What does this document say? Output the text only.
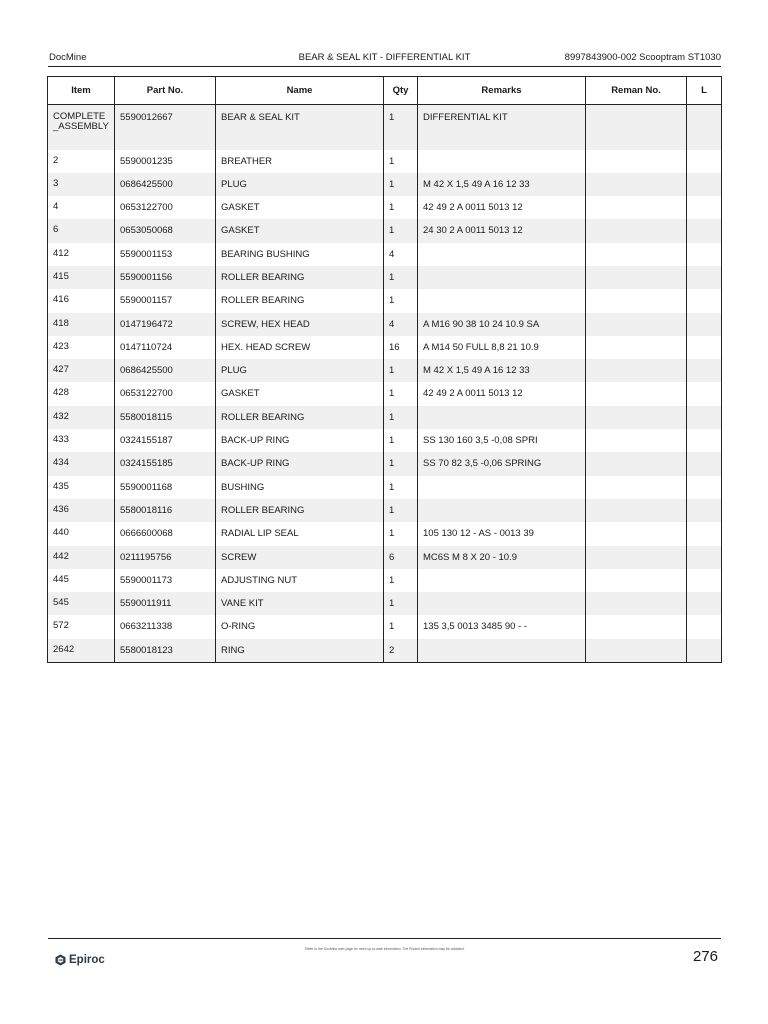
DocMine	BEAR & SEAL KIT - DIFFERENTIAL KIT	8997843900-002 Scooptram ST1030
Item	Part No.	Name	Qty	Remarks	Reman No.	L
COMPLETE_ASSEMBLY	5590012667	BEAR & SEAL KIT	1	DIFFERENTIAL KIT		
2	5590001235	BREATHER	1			
3	0686425500	PLUG	1	M 42 X 1,5 49 A 16 12 33		
4	0653122700	GASKET	1	42 49 2 A 0011 5013 12		
6	0653050068	GASKET	1	24 30 2 A 0011 5013 12		
412	5590001153	BEARING BUSHING	4			
415	5590001156	ROLLER BEARING	1			
416	5590001157	ROLLER BEARING	1			
418	0147196472	SCREW, HEX HEAD	4	A M16 90 38 10 24 10.9 SA		
423	0147110724	HEX. HEAD SCREW	16	A M14 50 FULL 8,8 21 10.9		
427	0686425500	PLUG	1	M 42 X 1,5 49 A 16 12 33		
428	0653122700	GASKET	1	42 49 2 A 0011 5013 12		
432	5580018115	ROLLER BEARING	1			
433	0324155187	BACK-UP RING	1	SS 130 160 3,5 -0,08 SPRI		
434	0324155185	BACK-UP RING	1	SS 70 82 3,5 -0,06 SPRING		
435	5590001168	BUSHING	1			
436	5580018116	ROLLER BEARING	1			
440	0666600068	RADIAL LIP SEAL	1	105 130 12 - AS - 0013 39		
442	0211195756	SCREW	6	MC6S M 8 X 20 - 10.9		
445	5590001173	ADJUSTING NUT	1			
545	5590011911	VANE KIT	1			
572	0663211338	O-RING	1	135 3,5 0013 3485 90 - -		
2642	5580018123	RING	2			
Epiroc
Refer to the DocMine web page for more up-to-date information. The Printed information may be outdated.	276
